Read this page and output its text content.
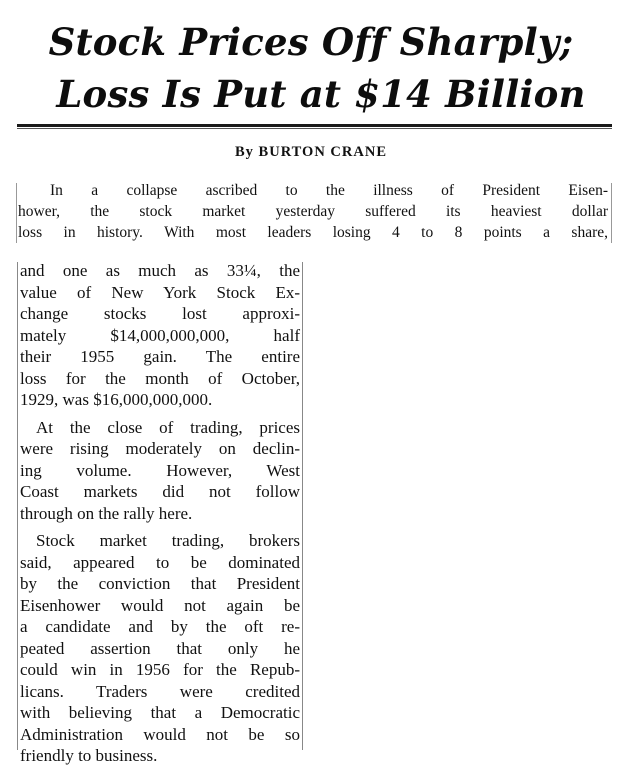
Stock Prices Off Sharply;
Loss Is Put at $14 Billion
By BURTON CRANE
In a collapse ascribed to the illness of President Eisen-
hower, the stock market yesterday suffered its heaviest dollar
loss in history. With most leaders losing 4 to 8 points a share,
and one as much as 33¼, the
value of New York Stock Ex-
change stocks lost approxi-
mately $14,000,000,000, half
their 1955 gain. The entire
loss for the month of October,
1929, was $16,000,000,000.
At the close of trading, prices
were rising moderately on declin-
ing volume. However, West
Coast markets did not follow
through on the rally here.
Stock market trading, brokers
said, appeared to be dominated
by the conviction that President
Eisenhower would not again be
a candidate and by the oft re-
peated assertion that only he
could win in 1956 for the Repub-
licans. Traders were credited
with believing that a Democratic
Administration would not be so
friendly to business.
